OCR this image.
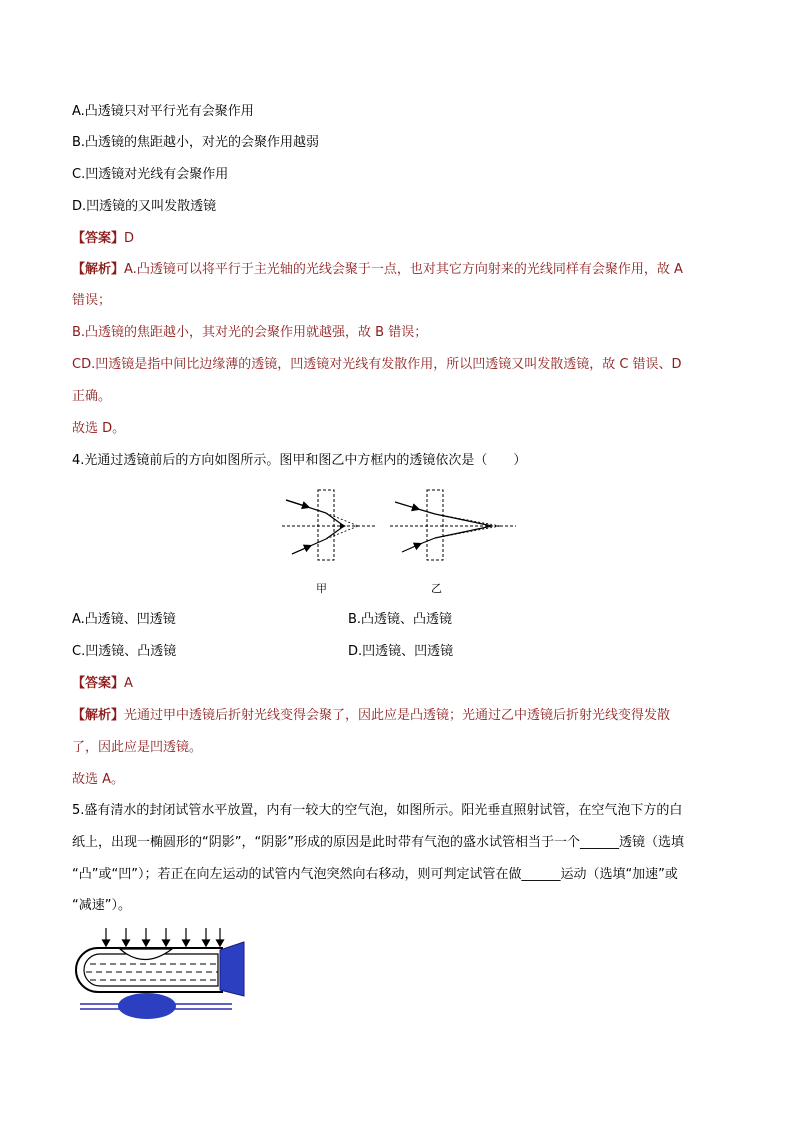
A.凸透镜只对平行光有会聚作用
B.凸透镜的焦距越小，对光的会聚作用越弱
C.凹透镜对光线有会聚作用
D.凹透镜的又叫发散透镜
【答案】D
【解析】A.凸透镜可以将平行于主光轴的光线会聚于一点，也对其它方向射来的光线同样有会聚作用，故 A
错误；
B.凸透镜的焦距越小，其对光的会聚作用就越强，故 B 错误；
CD.凹透镜是指中间比边缘薄的透镜，凹透镜对光线有发散作用，所以凹透镜又叫发散透镜，故 C 错误、D
正确。
故选 D。
4.光通过透镜前后的方向如图所示。图甲和图乙中方框内的透镜依次是（　　）
甲	乙
A.凸透镜、凹透镜	B.凸透镜、凸透镜
C.凹透镜、凸透镜	D.凹透镜、凹透镜
【答案】A
【解析】光通过甲中透镜后折射光线变得会聚了，因此应是凸透镜；光通过乙中透镜后折射光线变得发散
了，因此应是凹透镜。
故选 A。
5.盛有清水的封闭试管水平放置，内有一较大的空气泡，如图所示。阳光垂直照射试管，在空气泡下方的白
纸上，出现一椭圆形的“阴影”，“阴影”形成的原因是此时带有气泡的盛水试管相当于一个______透镜（选填
“凸”或“凹”）；若正在向左运动的试管内气泡突然向右移动，则可判定试管在做______运动（选填“加速”或
“减速”）。
